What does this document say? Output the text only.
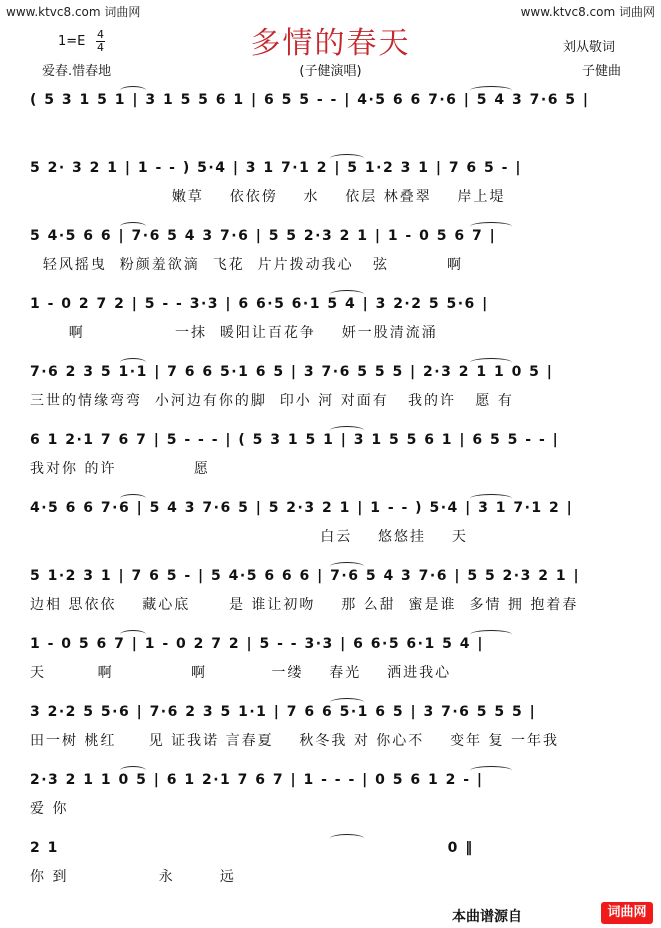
www.ktvc8.com 词曲网	www.ktvc8.com 词曲网
多情的春天
1=E 4
4
爱春.惜春地	(子健演唱)
刘从敬词
子健曲
( 5 3 1 5 1 | 3 1 5 5 6 1 | 6 5 5 - - | 4·5 6 6 7·6 | 5 4 3 7·6 5 |
5 2· 3 2 1 | 1 - - ) 5·4 | 3 1 7·1 2 | 5 1·2 3 1 | 7 6 5 - |
嫩草    依依傍    水    依层 林叠翠    岸上堤
5 4·5 6 6 | 7·6 5 4 3 7·6 | 5 5 2·3 2 1 | 1 - 0 5 6 7 |
轻风摇曳  粉颜羞欲滴  飞花  片片拨动我心   弦         啊
1 - 0 2 7 2 | 5 - - 3·3 | 6 6·5 6·1 5 4 | 3 2·2 5 5·6 |
啊              一抹  暖阳让百花争    妍一股清流涌
7·6 2 3 5 1·1 | 7 6 6 5·1 6 5 | 3 7·6 5 5 5 | 2·3 2 1 1 0 5 |
三世的情缘弯弯  小河边有你的脚  印小 河 对面有   我的许   愿 有
6 1 2·1 7 6 7 | 5 - - - | ( 5 3 1 5 1 | 3 1 5 5 6 1 | 6 5 5 - - |
我对你 的许            愿
4·5 6 6 7·6 | 5 4 3 7·6 5 | 5 2·3 2 1 | 1 - - ) 5·4 | 3 1 7·1 2 |
白云    悠悠挂    天
5 1·2 3 1 | 7 6 5 - | 5 4·5 6 6 6 | 7·6 5 4 3 7·6 | 5 5 2·3 2 1 |
边相 思依依    藏心底      是 谁让初吻    那 么甜  蜜是谁  多情 拥 抱着春
1 - 0 5 6 7 | 1 - 0 2 7 2 | 5 - - 3·3 | 6 6·5 6·1 5 4 |
天        啊            啊          一缕    春光    洒进我心
3 2·2 5 5·6 | 7·6 2 3 5 1·1 | 7 6 6 5·1 6 5 | 3 7·6 5 5 5 |
田一树 桃红     见 证我诺 言春夏    秋冬我 对 你心不    变年 复 一年我
2·3 2 1 1 0 5 | 6 1 2·1 7 6 7 | 1 - - - | 0 5 6 1 2 - |
爱 你
2 1                                                             0 ‖
你 到              永       远
本曲谱源自	词曲网
